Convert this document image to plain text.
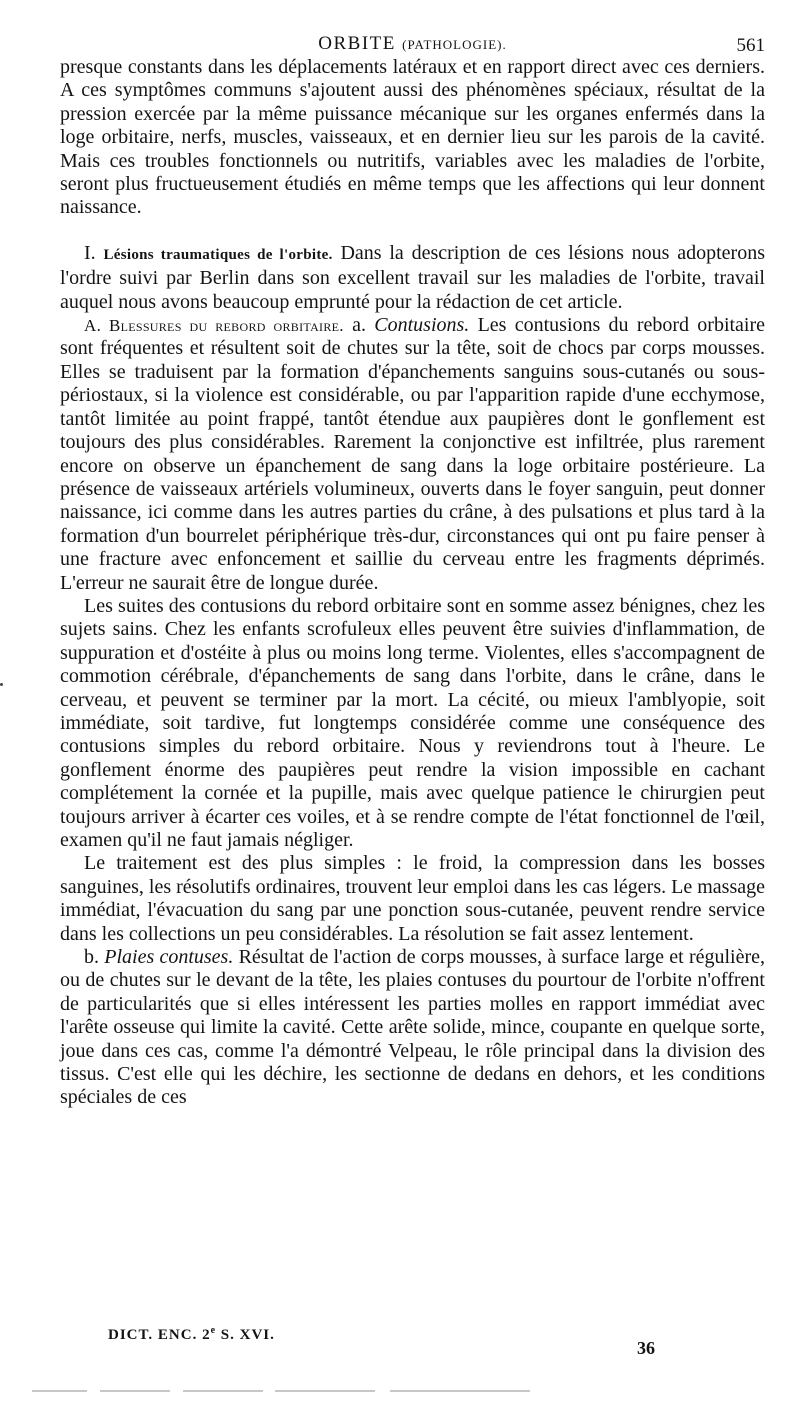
ORBITE (PATHOLOGIE).	561

presque constants dans les déplacements latéraux et en rapport direct avec ces derniers. A ces symptômes communs s'ajoutent aussi des phénomènes spéciaux, résultat de la pression exercée par la même puissance mécanique sur les organes enfermés dans la loge orbitaire, nerfs, muscles, vaisseaux, et en dernier lieu sur les parois de la cavité. Mais ces troubles fonctionnels ou nutritifs, variables avec les maladies de l'orbite, seront plus fructueusement étudiés en même temps que les affections qui leur donnent naissance.

I. Lésions traumatiques de l'orbite. Dans la description de ces lésions nous adopterons l'ordre suivi par Berlin dans son excellent travail sur les maladies de l'orbite, travail auquel nous avons beaucoup emprunté pour la rédaction de cet article.

A. Blessures du rebord orbitaire. a. Contusions. Les contusions du rebord orbitaire sont fréquentes et résultent soit de chutes sur la tête, soit de chocs par corps mousses. Elles se traduisent par la formation d'épanchements sanguins sous-cutanés ou sous-périostaux, si la violence est considérable, ou par l'apparition rapide d'une ecchymose, tantôt limitée au point frappé, tantôt étendue aux paupières dont le gonflement est toujours des plus considérables. Rarement la conjonctive est infiltrée, plus rarement encore on observe un épanchement de sang dans la loge orbitaire postérieure. La présence de vaisseaux artériels volumineux, ouverts dans le foyer sanguin, peut donner naissance, ici comme dans les autres parties du crâne, à des pulsations et plus tard à la formation d'un bourrelet périphérique très-dur, circonstances qui ont pu faire penser à une fracture avec enfoncement et saillie du cerveau entre les fragments déprimés. L'erreur ne saurait être de longue durée.

Les suites des contusions du rebord orbitaire sont en somme assez bénignes, chez les sujets sains. Chez les enfants scrofuleux elles peuvent être suivies d'inflammation, de suppuration et d'ostéite à plus ou moins long terme. Violentes, elles s'accompagnent de commotion cérébrale, d'épanchements de sang dans l'orbite, dans le crâne, dans le cerveau, et peuvent se terminer par la mort. La cécité, ou mieux l'amblyopie, soit immédiate, soit tardive, fut longtemps considérée comme une conséquence des contusions simples du rebord orbitaire. Nous y reviendrons tout à l'heure. Le gonflement énorme des paupières peut rendre la vision impossible en cachant complétement la cornée et la pupille, mais avec quelque patience le chirurgien peut toujours arriver à écarter ces voiles, et à se rendre compte de l'état fonctionnel de l'œil, examen qu'il ne faut jamais négliger.

Le traitement est des plus simples : le froid, la compression dans les bosses sanguines, les résolutifs ordinaires, trouvent leur emploi dans les cas légers. Le massage immédiat, l'évacuation du sang par une ponction sous-cutanée, peuvent rendre service dans les collections un peu considérables. La résolution se fait assez lentement.

b. Plaies contuses. Résultat de l'action de corps mousses, à surface large et régulière, ou de chutes sur le devant de la tête, les plaies contuses du pourtour de l'orbite n'offrent de particularités que si elles intéressent les parties molles en rapport immédiat avec l'arête osseuse qui limite la cavité. Cette arête solide, mince, coupante en quelque sorte, joue dans ces cas, comme l'a démontré Velpeau, le rôle principal dans la division des tissus. C'est elle qui les déchire, les sectionne de dedans en dehors, et les conditions spéciales de ces

DICT. ENC. 2e S. XVI.
36
